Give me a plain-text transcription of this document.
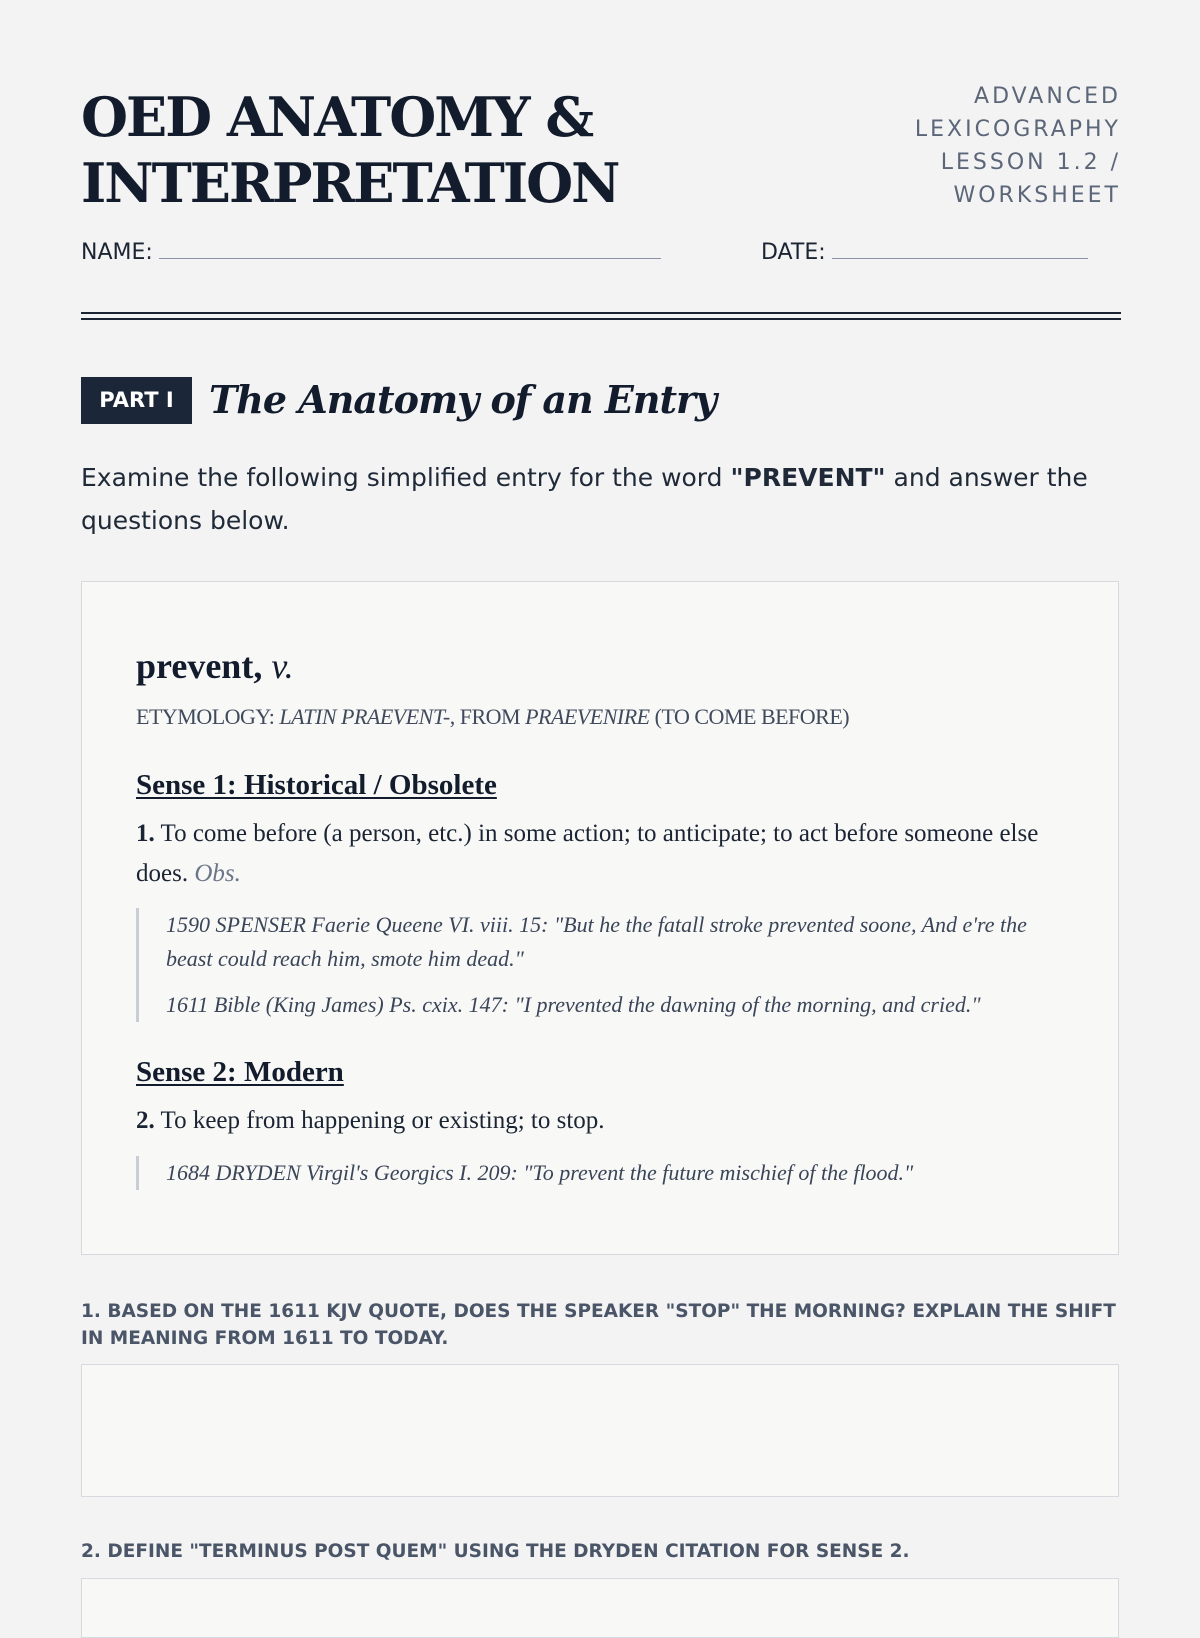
OED ANATOMY &
INTERPRETATION
ADVANCED
LEXICOGRAPHY
LESSON 1.2 /
WORKSHEET
NAME:	DATE:
PART I The Anatomy of an Entry
Examine the following simplified entry for the word "PREVENT" and answer the questions below.
prevent, v.
ETYMOLOGY: LATIN PRAEVENT-, FROM PRAEVENIRE (TO COME BEFORE)
Sense 1: Historical / Obsolete
1. To come before (a person, etc.) in some action; to anticipate; to act before someone else does. Obs.

1590 SPENSER Faerie Queene VI. viii. 15: "But he the fatall stroke prevented soone, And e're the beast could reach him, smote him dead."

1611 Bible (King James) Ps. cxix. 147: "I prevented the dawning of the morning, and cried."

Sense 2: Modern
2. To keep from happening or existing; to stop.

1684 DRYDEN Virgil's Georgics I. 209: "To prevent the future mischief of the flood."

1. BASED ON THE 1611 KJV QUOTE, DOES THE SPEAKER "STOP" THE MORNING? EXPLAIN THE SHIFT IN MEANING FROM 1611 TO TODAY.
2. DEFINE "TERMINUS POST QUEM" USING THE DRYDEN CITATION FOR SENSE 2.
